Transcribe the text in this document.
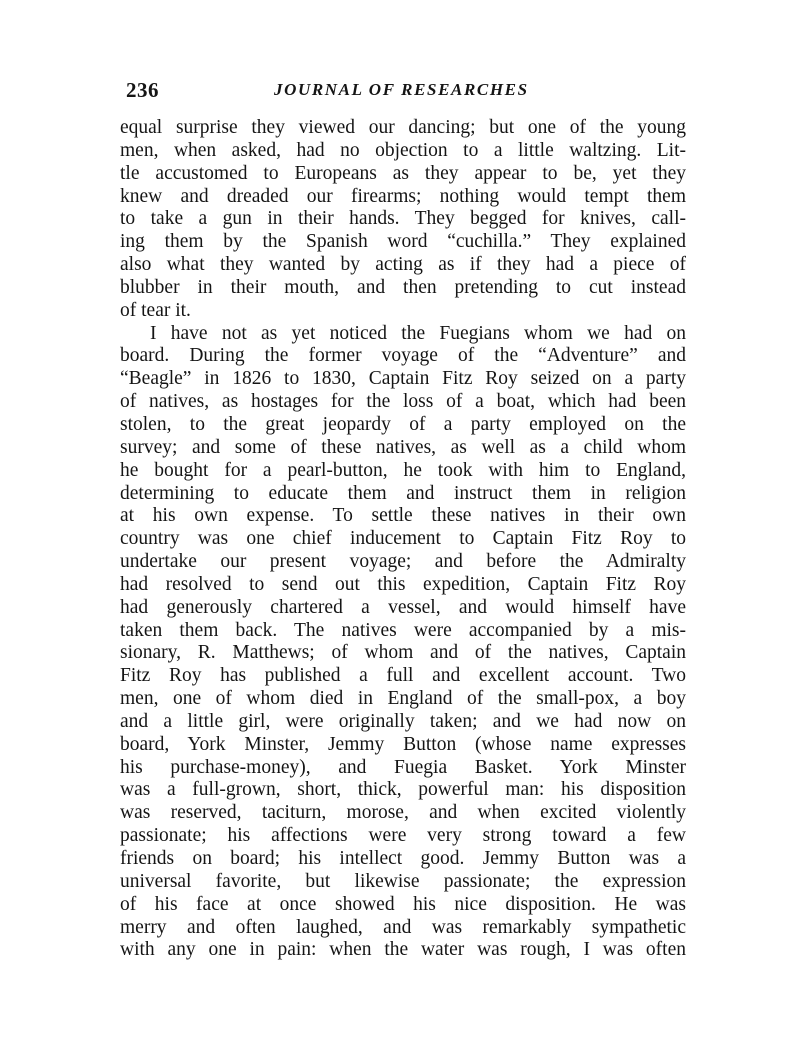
236	JOURNAL OF RESEARCHES
equal surprise they viewed our dancing; but one of the young
men, when asked, had no objection to a little waltzing. Lit-
tle accustomed to Europeans as they appear to be, yet they
knew and dreaded our firearms; nothing would tempt them
to take a gun in their hands. They begged for knives, call-
ing them by the Spanish word “cuchilla.” They explained
also what they wanted by acting as if they had a piece of
blubber in their mouth, and then pretending to cut instead
of tear it.
I have not as yet noticed the Fuegians whom we had on
board. During the former voyage of the “Adventure” and
“Beagle” in 1826 to 1830, Captain Fitz Roy seized on a party
of natives, as hostages for the loss of a boat, which had been
stolen, to the great jeopardy of a party employed on the
survey; and some of these natives, as well as a child whom
he bought for a pearl-button, he took with him to England,
determining to educate them and instruct them in religion
at his own expense. To settle these natives in their own
country was one chief inducement to Captain Fitz Roy to
undertake our present voyage; and before the Admiralty
had resolved to send out this expedition, Captain Fitz Roy
had generously chartered a vessel, and would himself have
taken them back. The natives were accompanied by a mis-
sionary, R. Matthews; of whom and of the natives, Captain
Fitz Roy has published a full and excellent account. Two
men, one of whom died in England of the small-pox, a boy
and a little girl, were originally taken; and we had now on
board, York Minster, Jemmy Button (whose name expresses
his purchase-money), and Fuegia Basket. York Minster
was a full-grown, short, thick, powerful man: his disposition
was reserved, taciturn, morose, and when excited violently
passionate; his affections were very strong toward a few
friends on board; his intellect good. Jemmy Button was a
universal favorite, but likewise passionate; the expression
of his face at once showed his nice disposition. He was
merry and often laughed, and was remarkably sympathetic
with any one in pain: when the water was rough, I was often
